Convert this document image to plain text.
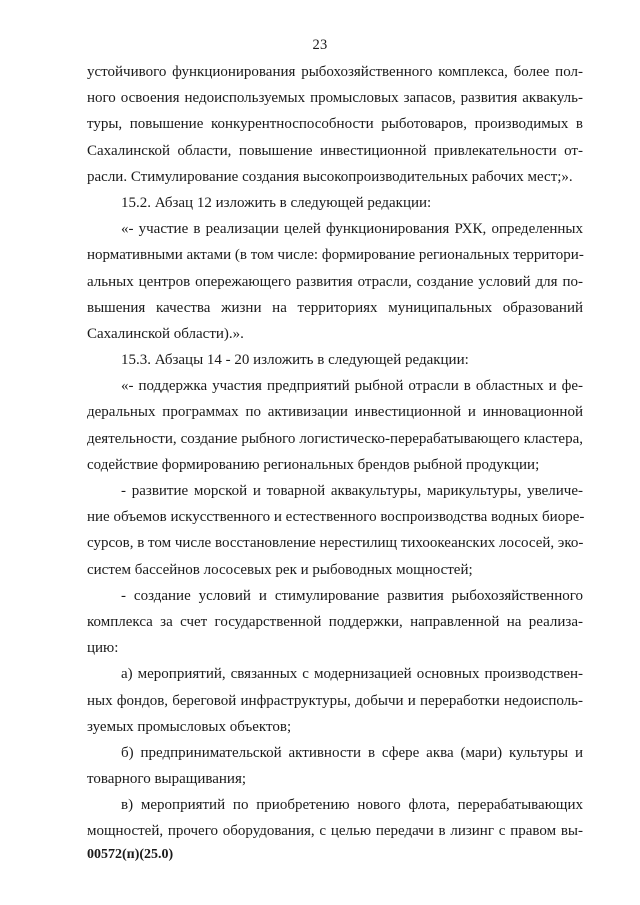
23
устойчивого функционирования рыбохозяйственного комплекса, более пол-
ного освоения недоиспользуемых промысловых запасов, развития аквакуль-
туры, повышение конкурентноспособности рыботоваров, производимых в
Сахалинской области, повышение инвестиционной привлекательности от-
расли. Стимулирование создания высокопроизводительных рабочих мест;».
15.2. Абзац 12 изложить в следующей редакции:
«- участие в реализации целей функционирования РХК, определенных
нормативными актами (в том числе: формирование региональных территори-
альных центров опережающего развития отрасли, создание условий для по-
вышения качества жизни на территориях муниципальных образований
Сахалинской области).».
15.3. Абзацы 14 - 20 изложить в следующей редакции:
«- поддержка участия предприятий рыбной отрасли в областных и фе-
деральных программах по активизации инвестиционной и инновационной
деятельности, создание рыбного логистическо-перерабатывающего кластера,
содействие формированию региональных брендов рыбной продукции;
- развитие морской и товарной аквакультуры, марикультуры, увеличе-
ние объемов искусственного и естественного воспроизводства водных биоре-
сурсов, в том числе восстановление нерестилищ тихоокеанских лососей, эко-
систем бассейнов лососевых рек и рыбоводных мощностей;
- создание условий и стимулирование развития рыбохозяйственного
комплекса за счет государственной поддержки, направленной на реализа-
цию:
а) мероприятий, связанных с модернизацией основных производствен-
ных фондов, береговой инфраструктуры, добычи и переработки недоисполь-
зуемых промысловых объектов;
б) предпринимательской активности в сфере аква (мари) культуры и
товарного выращивания;
в) мероприятий по приобретению нового флота, перерабатывающих
мощностей, прочего оборудования, с целью передачи в лизинг с правом вы-
00572(п)(25.0)
